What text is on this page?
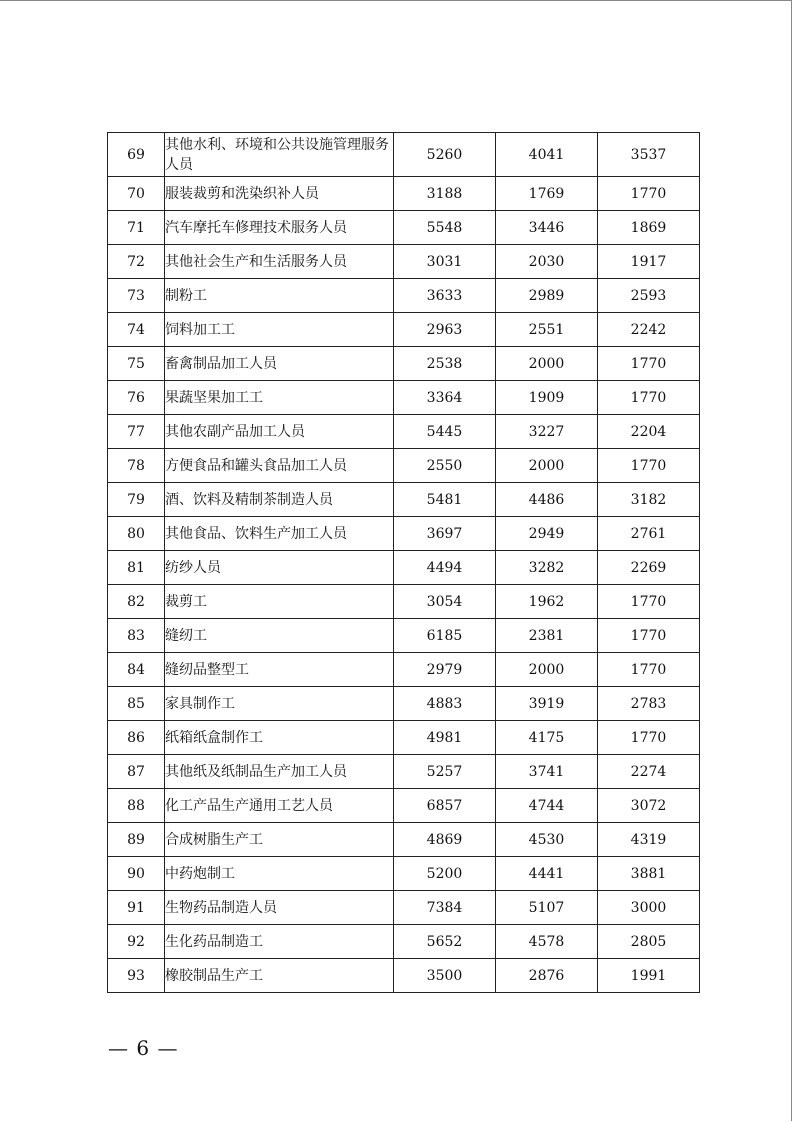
69	其他水利、环境和公共设施管理服务人员	5260	4041	3537
70	服装裁剪和洗染织补人员	3188	1769	1770
71	汽车摩托车修理技术服务人员	5548	3446	1869
72	其他社会生产和生活服务人员	3031	2030	1917
73	制粉工	3633	2989	2593
74	饲料加工工	2963	2551	2242
75	畜禽制品加工人员	2538	2000	1770
76	果蔬坚果加工工	3364	1909	1770
77	其他农副产品加工人员	5445	3227	2204
78	方便食品和罐头食品加工人员	2550	2000	1770
79	酒、饮料及精制茶制造人员	5481	4486	3182
80	其他食品、饮料生产加工人员	3697	2949	2761
81	纺纱人员	4494	3282	2269
82	裁剪工	3054	1962	1770
83	缝纫工	6185	2381	1770
84	缝纫品整型工	2979	2000	1770
85	家具制作工	4883	3919	2783
86	纸箱纸盒制作工	4981	4175	1770
87	其他纸及纸制品生产加工人员	5257	3741	2274
88	化工产品生产通用工艺人员	6857	4744	3072
89	合成树脂生产工	4869	4530	4319
90	中药炮制工	5200	4441	3881
91	生物药品制造人员	7384	5107	3000
92	生化药品制造工	5652	4578	2805
93	橡胶制品生产工	3500	2876	1991
— 6 —
